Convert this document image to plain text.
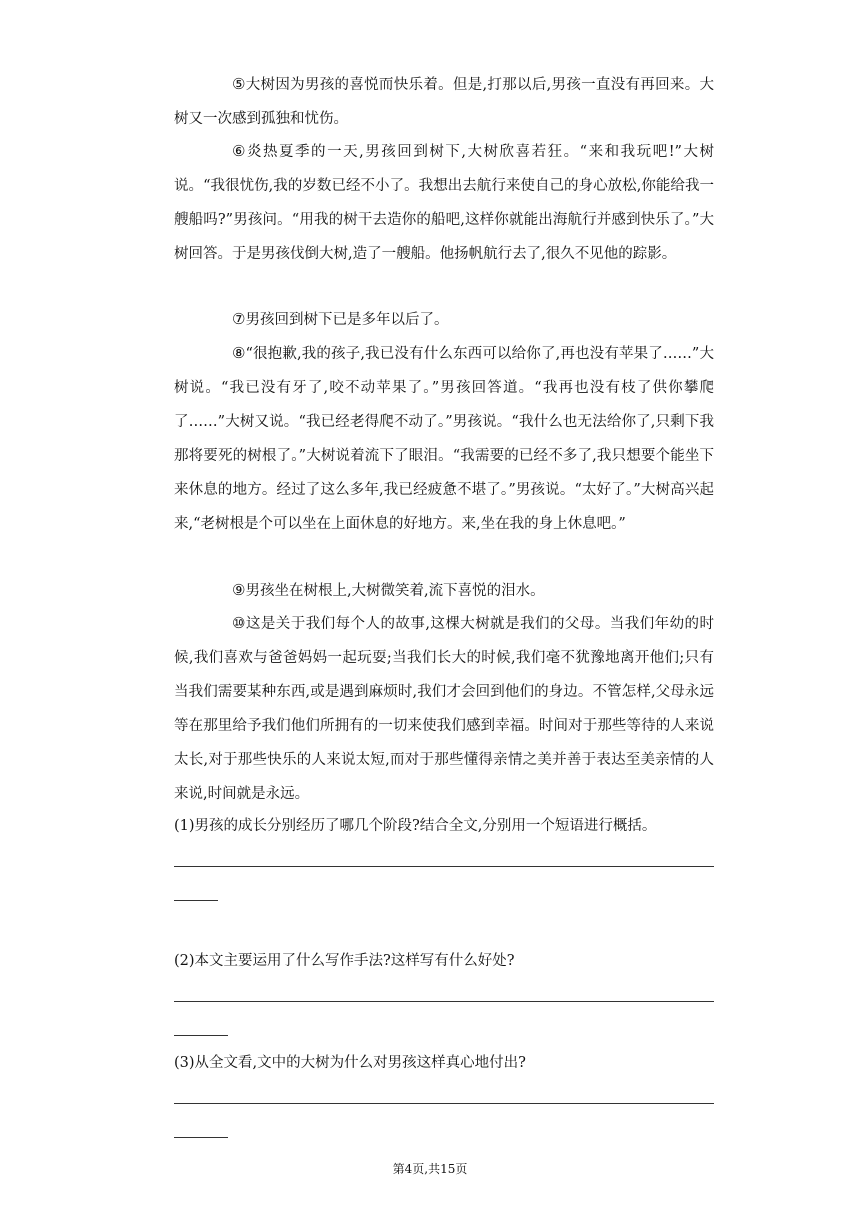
⑤大树因为男孩的喜悦而快乐着。但是,打那以后,男孩一直没有再回来。大树又一次感到孤独和忧伤。

⑥炎热夏季的一天,男孩回到树下,大树欣喜若狂。“来和我玩吧!”大树说。“我很忧伤,我的岁数已经不小了。我想出去航行来使自己的身心放松,你能给我一艘船吗?”男孩问。“用我的树干去造你的船吧,这样你就能出海航行并感到快乐了。”大树回答。于是男孩伐倒大树,造了一艘船。他扬帆航行去了,很久不见他的踪影。

⑦男孩回到树下已是多年以后了。

⑧“很抱歉,我的孩子,我已没有什么东西可以给你了,再也没有苹果了……”大树说。“我已没有牙了,咬不动苹果了。”男孩回答道。“我再也没有枝了供你攀爬了……”大树又说。“我已经老得爬不动了。”男孩说。“我什么也无法给你了,只剩下我那将要死的树根了。”大树说着流下了眼泪。“我需要的已经不多了,我只想要个能坐下来休息的地方。经过了这么多年,我已经疲惫不堪了。”男孩说。“太好了。”大树高兴起来,“老树根是个可以坐在上面休息的好地方。来,坐在我的身上休息吧。”

⑨男孩坐在树根上,大树微笑着,流下喜悦的泪水。

⑩这是关于我们每个人的故事,这棵大树就是我们的父母。当我们年幼的时候,我们喜欢与爸爸妈妈一起玩耍;当我们长大的时候,我们毫不犹豫地离开他们;只有当我们需要某种东西,或是遇到麻烦时,我们才会回到他们的身边。不管怎样,父母永远等在那里给予我们他们所拥有的一切来使我们感到幸福。时间对于那些等待的人来说太长,对于那些快乐的人来说太短,而对于那些懂得亲情之美并善于表达至美亲情的人来说,时间就是永远。

(1)男孩的成长分别经历了哪几个阶段?结合全文,分别用一个短语进行概括。

(2)本文主要运用了什么写作手法?这样写有什么好处?

(3)从全文看,文中的大树为什么对男孩这样真心地付出?

第4页,共15页
